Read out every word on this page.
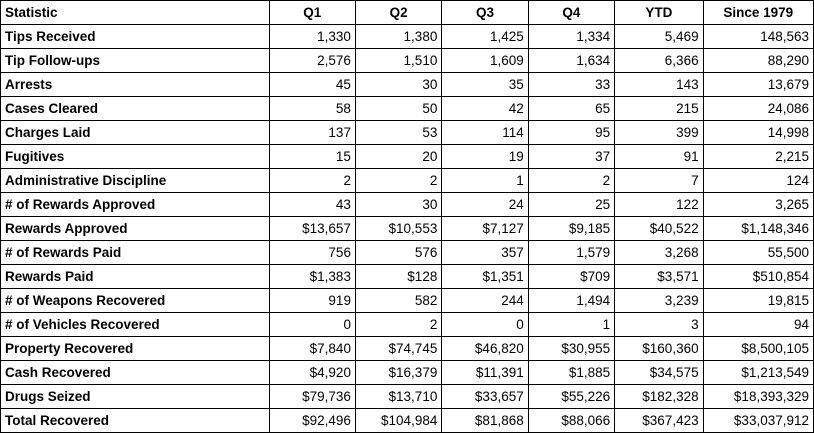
Statistic	Q1	Q2	Q3	Q4	YTD	Since 1979
Tips Received	1,330	1,380	1,425	1,334	5,469	148,563
Tip Follow-ups	2,576	1,510	1,609	1,634	6,366	88,290
Arrests	45	30	35	33	143	13,679
Cases Cleared	58	50	42	65	215	24,086
Charges Laid	137	53	114	95	399	14,998
Fugitives	15	20	19	37	91	2,215
Administrative Discipline	2	2	1	2	7	124
# of Rewards Approved	43	30	24	25	122	3,265
Rewards Approved	$13,657	$10,553	$7,127	$9,185	$40,522	$1,148,346
# of Rewards Paid	756	576	357	1,579	3,268	55,500
Rewards Paid	$1,383	$128	$1,351	$709	$3,571	$510,854
# of Weapons Recovered	919	582	244	1,494	3,239	19,815
# of Vehicles Recovered	0	2	0	1	3	94
Property Recovered	$7,840	$74,745	$46,820	$30,955	$160,360	$8,500,105
Cash Recovered	$4,920	$16,379	$11,391	$1,885	$34,575	$1,213,549
Drugs Seized	$79,736	$13,710	$33,657	$55,226	$182,328	$18,393,329
Total Recovered	$92,496	$104,984	$81,868	$88,066	$367,423	$33,037,912
